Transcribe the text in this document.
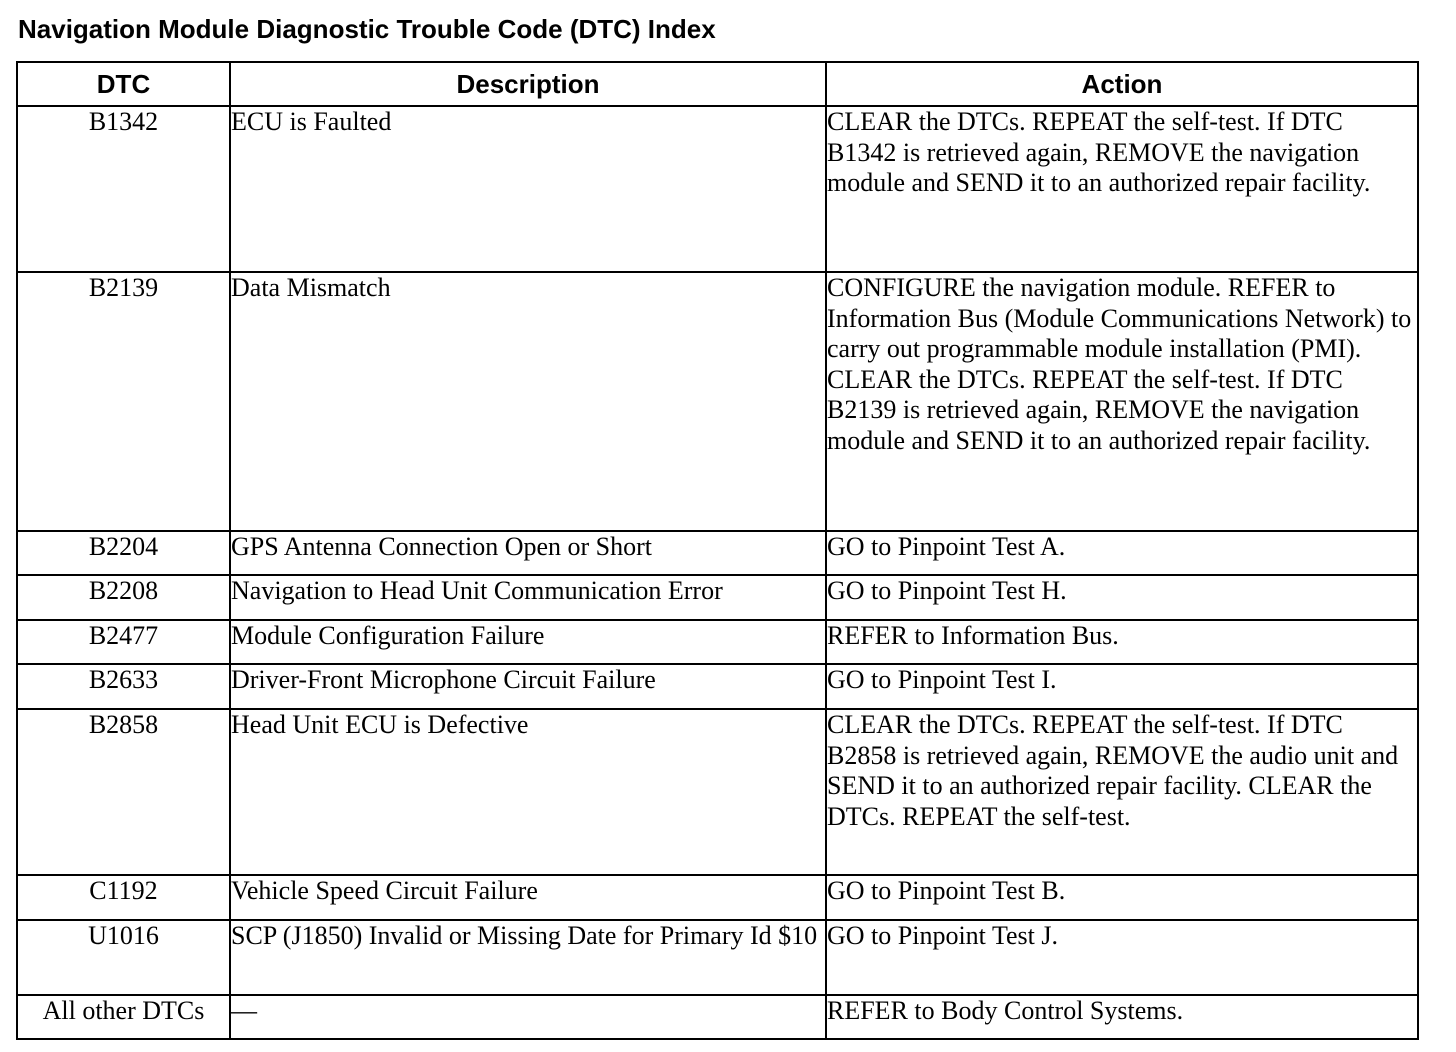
Navigation Module Diagnostic Trouble Code (DTC) Index
DTC	Description	Action
B1342	ECU is Faulted	CLEAR the DTCs. REPEAT the self-test. If DTC B1342 is retrieved again, REMOVE the navigation module and SEND it to an authorized repair facility.
B2139	Data Mismatch	CONFIGURE the navigation module. REFER to Information Bus (Module Communications Network) to carry out programmable module installation (PMI). CLEAR the DTCs. REPEAT the self-test. If DTC B2139 is retrieved again, REMOVE the navigation module and SEND it to an authorized repair facility.
B2204	GPS Antenna Connection Open or Short	GO to Pinpoint Test A.
B2208	Navigation to Head Unit Communication Error	GO to Pinpoint Test H.
B2477	Module Configuration Failure	REFER to Information Bus.
B2633	Driver-Front Microphone Circuit Failure	GO to Pinpoint Test I.
B2858	Head Unit ECU is Defective	CLEAR the DTCs. REPEAT the self-test. If DTC B2858 is retrieved again, REMOVE the audio unit and SEND it to an authorized repair facility. CLEAR the DTCs. REPEAT the self-test.
C1192	Vehicle Speed Circuit Failure	GO to Pinpoint Test B.
U1016	SCP (J1850) Invalid or Missing Date for Primary Id $10	GO to Pinpoint Test J.
All other DTCs	—	REFER to Body Control Systems.
